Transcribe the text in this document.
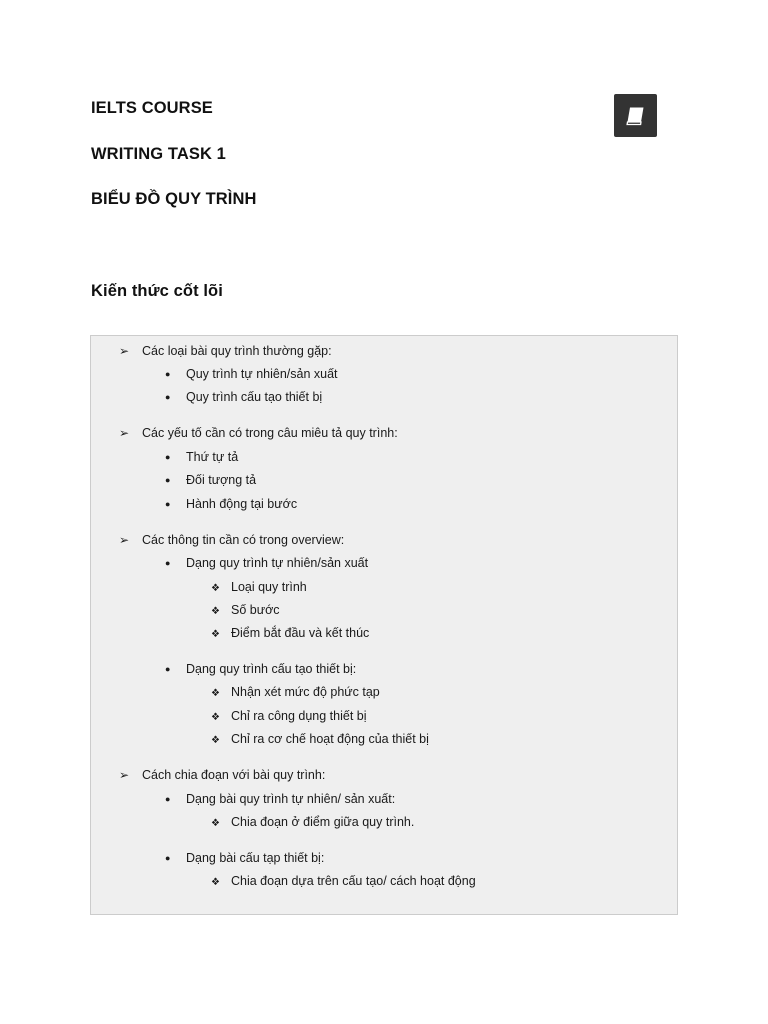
IELTS COURSE
WRITING TASK 1
BIỂU ĐỒ QUY TRÌNH
Kiến thức cốt lõi
➢ Các loại bài quy trình thường gặp:
● Quy trình tự nhiên/sản xuất
● Quy trình cấu tạo thiết bị
➢ Các yếu tố cần có trong câu miêu tả quy trình:
● Thứ tự tả
● Đối tượng tả
● Hành động tại bước
➢ Các thông tin cần có trong overview:
● Dạng quy trình tự nhiên/sản xuất
❖ Loại quy trình
❖ Số bước
❖ Điểm bắt đầu và kết thúc
● Dạng quy trình cấu tạo thiết bị:
❖ Nhận xét mức độ phức tạp
❖ Chỉ ra công dụng thiết bị
❖ Chỉ ra cơ chế hoạt động của thiết bị
➢ Cách chia đoạn với bài quy trình:
● Dạng bài quy trình tự nhiên/ sản xuất:
❖ Chia đoạn ở điểm giữa quy trình.
● Dạng bài cấu tạp thiết bị:
❖ Chia đoạn dựa trên cấu tạo/ cách hoạt động
